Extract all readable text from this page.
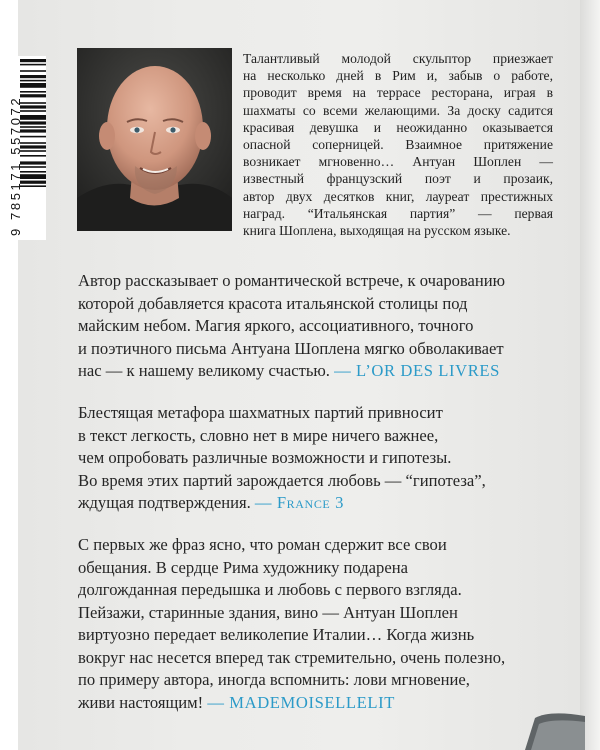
9 785171 557072

Талантливый молодой скульптор приезжает
на несколько дней в Рим и, забыв о работе,
проводит время на террасе ресторана, играя в
шахматы со всеми желающими. За доску садится
красивая девушка и неожиданно оказывается
опасной соперницей. Взаимное притяжение
возникает мгновенно… Антуан Шоплен —
известный французский поэт и прозаик,
автор двух десятков книг, лауреат престижных
наград. “Итальянская партия” — первая
книга Шоплена, выходящая на русском языке.

Автор рассказывает о романтической встрече, к очарованию
которой добавляется красота итальянской столицы под
майским небом. Магия яркого, ассоциативного, точного
и поэтичного письма Антуана Шоплена мягко обволакивает
нас — к нашему великому счастью. — L’OR DES LIVRES

Блестящая метафора шахматных партий привносит
в текст легкость, словно нет в мире ничего важнее,
чем опробовать различные возможности и гипотезы.
Во время этих партий зарождается любовь — “гипотеза”,
ждущая подтверждения. — France 3

С первых же фраз ясно, что роман сдержит все свои
обещания. В сердце Рима художнику подарена
долгожданная передышка и любовь с первого взгляда.
Пейзажи, старинные здания, вино — Антуан Шоплен
виртуозно передает великолепие Италии… Когда жизнь
вокруг нас несется вперед так стремительно, очень полезно,
по примеру автора, иногда вспомнить: лови мгновение,
живи настоящим! — MADEMOISELLELIT
